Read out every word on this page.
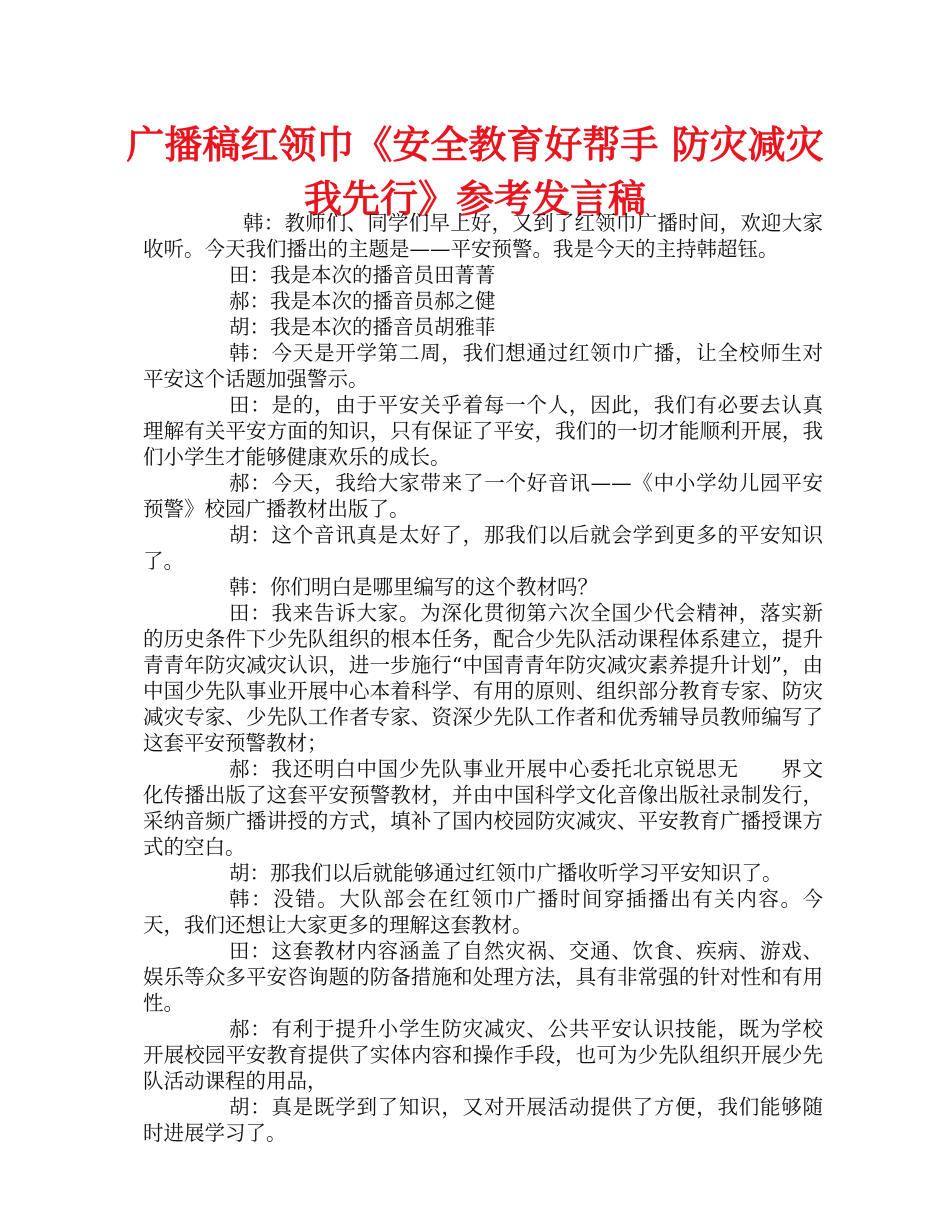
广播稿红领巾《安全教育好帮手 防灾减灾我先行》参考发言稿

韩：教师们、同学们早上好，又到了红领巾广播时间，欢迎大家收听。今天我们播出的主题是——平安预警。我是今天的主持韩超钰。

田：我是本次的播音员田菁菁

郝：我是本次的播音员郝之健

胡：我是本次的播音员胡雅菲

韩：今天是开学第二周，我们想通过红领巾广播，让全校师生对平安这个话题加强警示。

田：是的，由于平安关乎着每一个人，因此，我们有必要去认真理解有关平安方面的知识，只有保证了平安，我们的一切才能顺利开展，我们小学生才能够健康欢乐的成长。

郝：今天，我给大家带来了一个好音讯——《中小学幼儿园平安预警》校园广播教材出版了。

胡：这个音讯真是太好了，那我们以后就会学到更多的平安知识了。

韩：你们明白是哪里编写的这个教材吗？

田：我来告诉大家。为深化贯彻第六次全国少代会精神，落实新的历史条件下少先队组织的根本任务，配合少先队活动课程体系建立，提升青青年防灾减灾认识，进一步施行“中国青青年防灾减灾素养提升计划”，由中国少先队事业开展中心本着科学、有用的原则、组织部分教育专家、防灾减灾专家、少先队工作者专家、资深少先队工作者和优秀辅导员教师编写了这套平安预警教材；

郝：我还明白中国少先队事业开展中心委托北京锐思无　　界文化传播出版了这套平安预警教材，并由中国科学文化音像出版社录制发行，采纳音频广播讲授的方式，填补了国内校园防灾减灾、平安教育广播授课方式的空白。

胡：那我们以后就能够通过红领巾广播收听学习平安知识了。

韩：没错。大队部会在红领巾广播时间穿插播出有关内容。今天，我们还想让大家更多的理解这套教材。

田：这套教材内容涵盖了自然灾祸、交通、饮食、疾病、游戏、娱乐等众多平安咨询题的防备措施和处理方法，具有非常强的针对性和有用性。

郝：有利于提升小学生防灾减灾、公共平安认识技能，既为学校开展校园平安教育提供了实体内容和操作手段，也可为少先队组织开展少先队活动课程的用品，

胡：真是既学到了知识，又对开展活动提供了方便，我们能够随时进展学习了。
